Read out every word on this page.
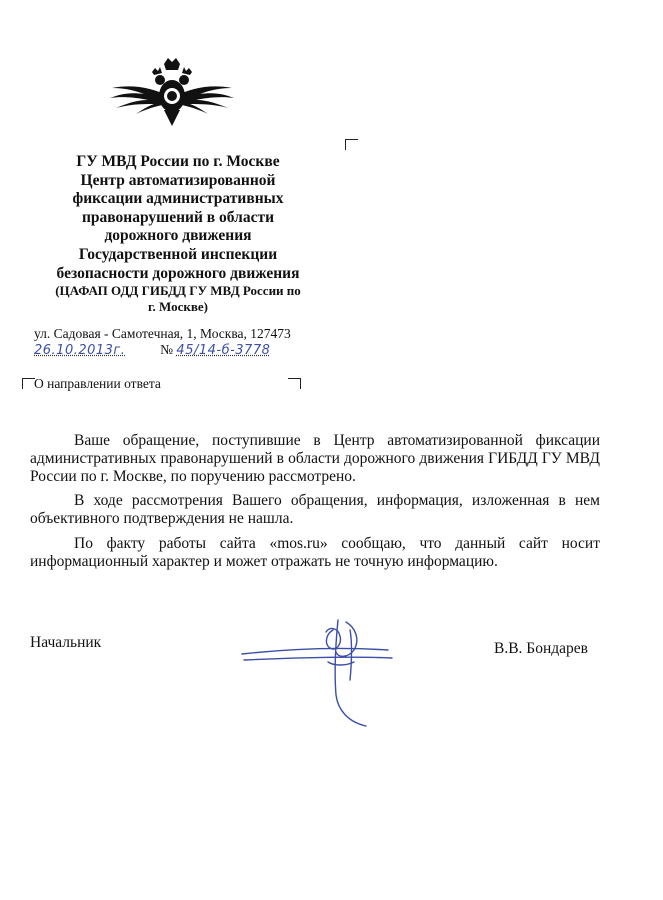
ГУ МВД России по г. Москве
Центр автоматизированной
фиксации административных
правонарушений в области
дорожного движения
Государственной инспекции
безопасности дорожного движения
(ЦАФАП ОДД ГИБДД ГУ МВД России по
г. Москве)
ул. Садовая - Самотечная, 1, Москва, 127473
26.10.2013г.	№ 45/14-б-3778
О направлении ответа

Ваше обращение, поступившие в Центр автоматизированной фиксации административных правонарушений в области дорожного движения ГИБДД ГУ МВД России по г. Москве, по поручению рассмотрено.

В ходе рассмотрения Вашего обращения, информация, изложенная в нем объективного подтверждения не нашла.

По факту работы сайта «mos.ru» сообщаю, что данный сайт носит информационный характер и может отражать не точную информацию.

Начальник	В.В. Бондарев
